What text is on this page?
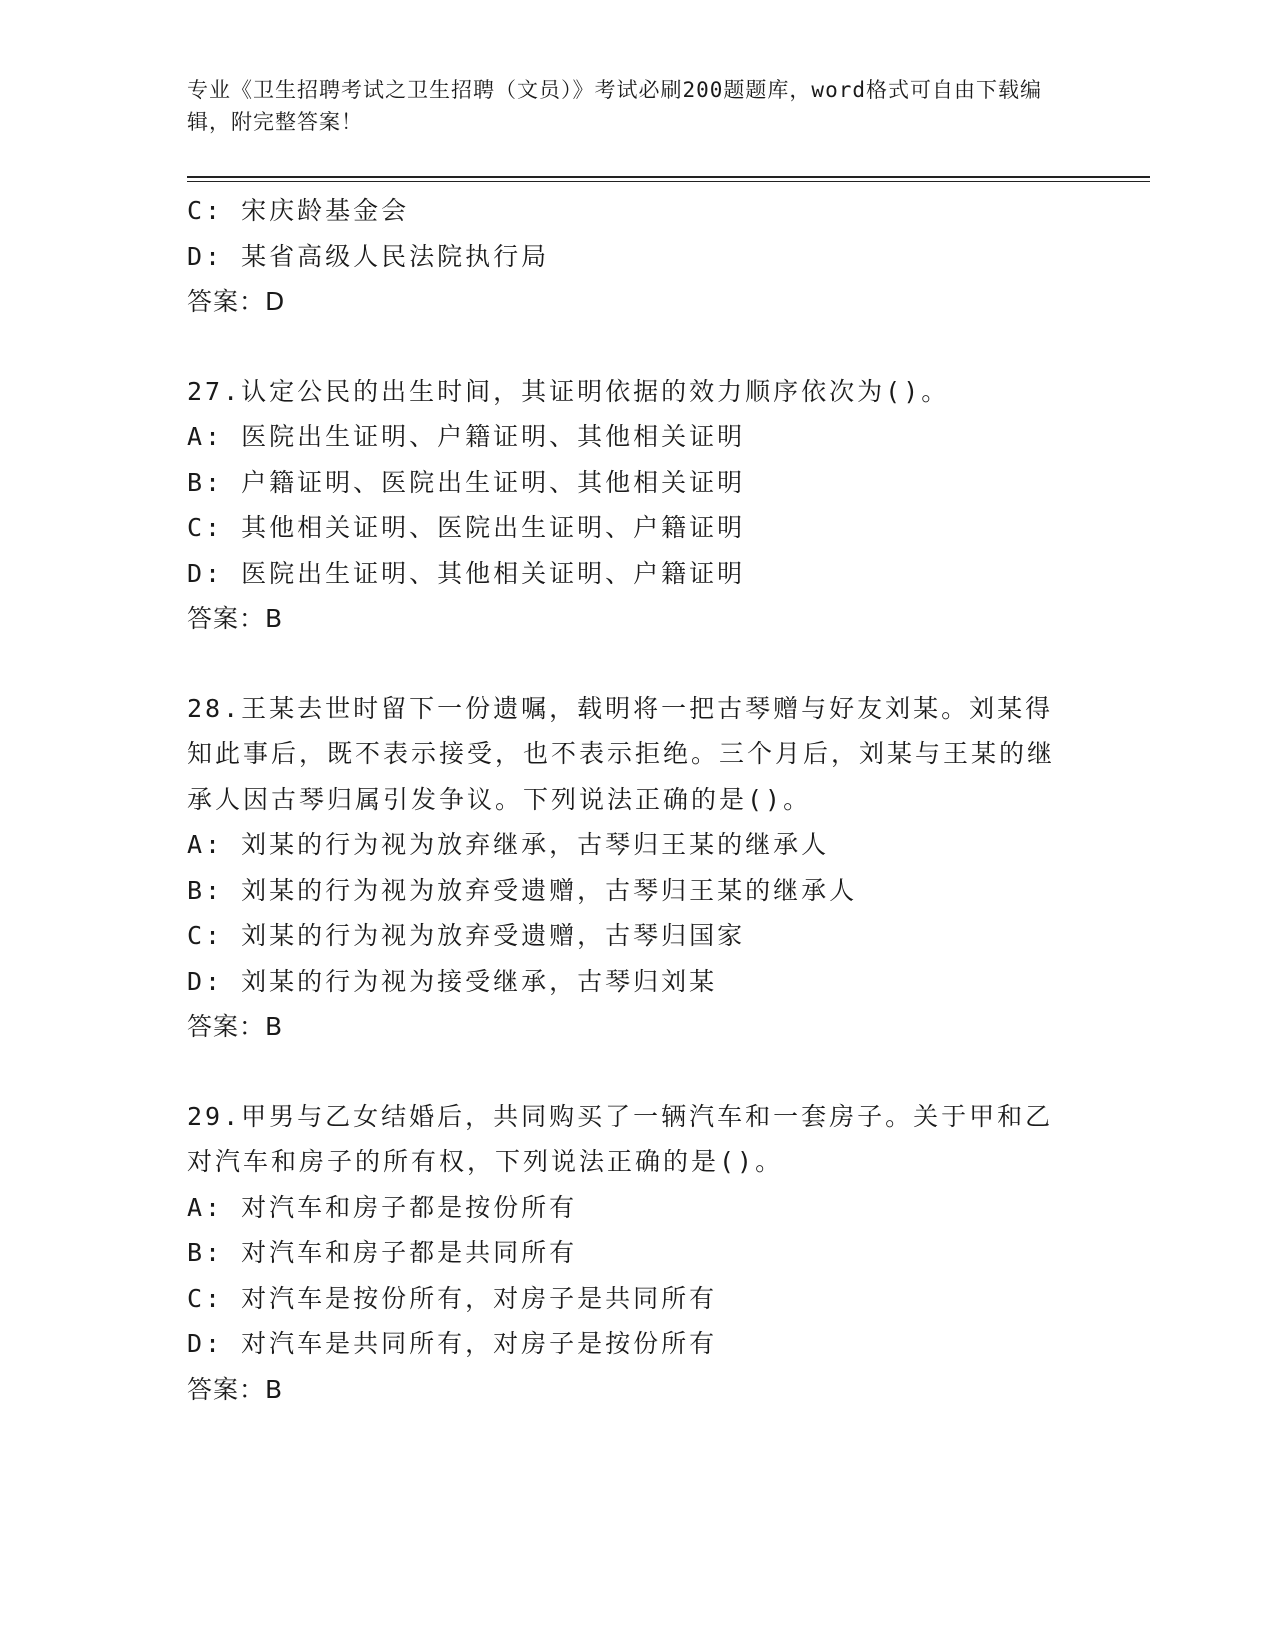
专业《卫生招聘考试之卫生招聘（文员）》考试必刷200题题库，word格式可自由下载编辑，附完整答案！
C: 宋庆龄基金会
D: 某省高级人民法院执行局
答案：D
27.认定公民的出生时间，其证明依据的效力顺序依次为()。
A: 医院出生证明、户籍证明、其他相关证明
B: 户籍证明、医院出生证明、其他相关证明
C: 其他相关证明、医院出生证明、户籍证明
D: 医院出生证明、其他相关证明、户籍证明
答案：B
28.王某去世时留下一份遗嘱，载明将一把古琴赠与好友刘某。刘某得知此事后，既不表示接受，也不表示拒绝。三个月后，刘某与王某的继承人因古琴归属引发争议。下列说法正确的是()。
A: 刘某的行为视为放弃继承，古琴归王某的继承人
B: 刘某的行为视为放弃受遗赠，古琴归王某的继承人
C: 刘某的行为视为放弃受遗赠，古琴归国家
D: 刘某的行为视为接受继承，古琴归刘某
答案：B
29.甲男与乙女结婚后，共同购买了一辆汽车和一套房子。关于甲和乙对汽车和房子的所有权，下列说法正确的是()。
A: 对汽车和房子都是按份所有
B: 对汽车和房子都是共同所有
C: 对汽车是按份所有，对房子是共同所有
D: 对汽车是共同所有，对房子是按份所有
答案：B
